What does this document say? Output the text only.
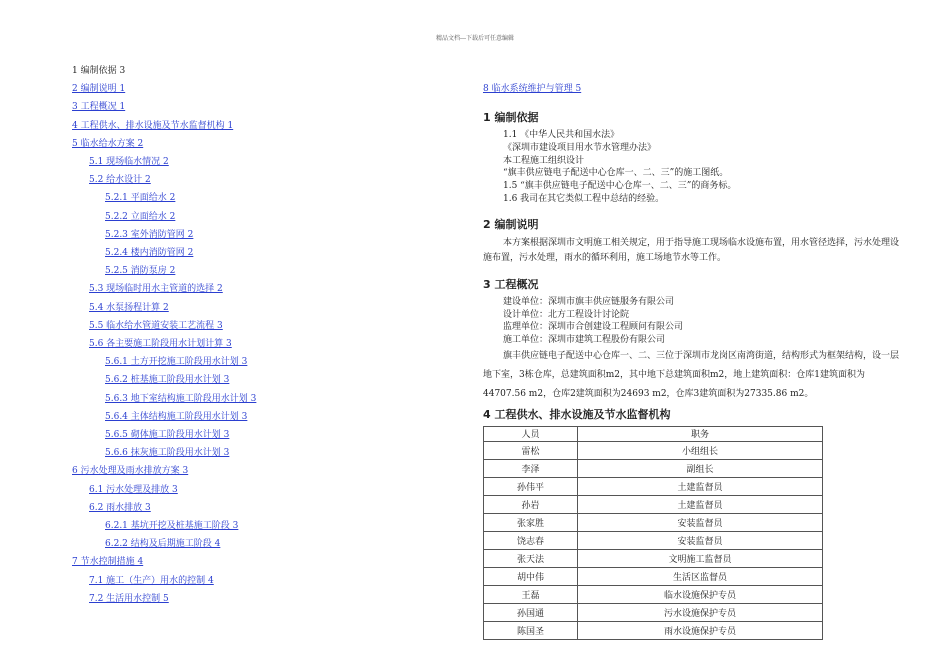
精品文档---下载后可任意编辑
1 编制依据 3
2 编制说明 1
3 工程概况 1
4 工程供水、排水设施及节水监督机构 1
5 临水给水方案 2
5.1 现场临水情况 2
5.2 给水设计 2
5.2.1 平面给水 2
5.2.2 立面给水 2
5.2.3 室外消防管网 2
5.2.4 楼内消防管网 2
5.2.5 消防泵房 2
5.3 现场临时用水主管道的选择 2
5.4 水泵扬程计算 2
5.5 临水给水管道安装工艺流程 3
5.6 各主要施工阶段用水计划计算 3
5.6.1 土方开挖施工阶段用水计划 3
5.6.2 桩基施工阶段用水计划 3
5.6.3 地下室结构施工阶段用水计划 3
5.6.4 主体结构施工阶段用水计划 3
5.6.5 砌体施工阶段用水计划 3
5.6.6 抹灰施工阶段用水计划 3
6 污水处理及雨水排放方案 3
6.1 污水处理及排放 3
6.2 雨水排放 3
6.2.1 基坑开挖及桩基施工阶段 3
6.2.2 结构及后期施工阶段 4
7 节水控制措施 4
7.1 施工（生产）用水的控制 4
7.2 生活用水控制 5
8 临水系统维护与管理 5
1 编制依据
1.1 《中华人民共和国水法》
《深圳市建设项目用水节水管理办法》
本工程施工组织设计
“旗丰供应链电子配送中心仓库一、二、三”的施工图纸。
1.5 “旗丰供应链电子配送中心仓库一、二、三”的商务标。
1.6 我司在其它类似工程中总结的经验。
2 编制说明
本方案根据深圳市文明施工相关规定，用于指导施工现场临水设施布置，用水管径选择，污水处理设施布置，污水处理，雨水的循环利用，施工场地节水等工作。
3 工程概况
建设单位：深圳市旗丰供应链服务有限公司
设计单位：北方工程设计讨论院
监理单位：深圳市合创建设工程顾问有限公司
施工单位：深圳市建筑工程股份有限公司
旗丰供应链电子配送中心仓库一、二、三位于深圳市龙岗区南湾街道，结构形式为框架结构，设一层地下室，3栋仓库，总建筑面积m2，其中地下总建筑面积m2，地上建筑面积：仓库1建筑面积为44707.56 m2，仓库2建筑面积为24693 m2，仓库3建筑面积为27335.86 m2。
4 工程供水、排水设施及节水监督机构
人员	职务
雷松	小组组长
李泽	副组长
孙伟平	土建监督员
孙岩	土建监督员
张家胜	安装监督员
饶志春	安装监督员
张天法	文明施工监督员
胡中伟	生活区监督员
王磊	临水设施保护专员
孙国通	污水设施保护专员
陈国圣	雨水设施保护专员
